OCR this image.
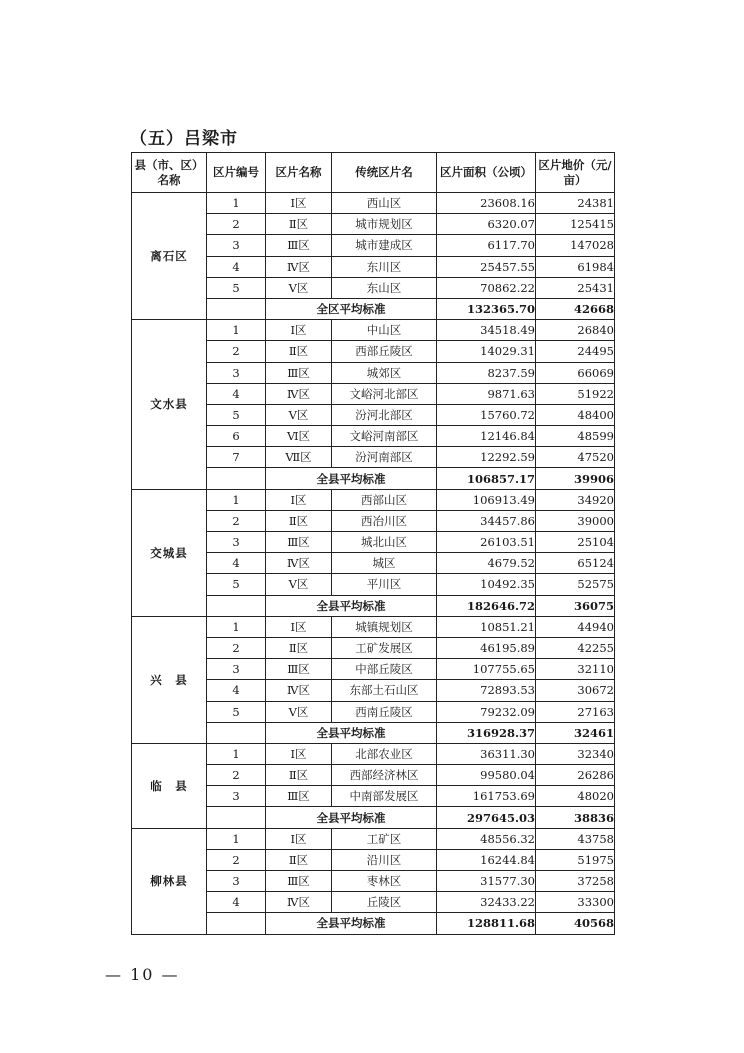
（五）吕梁市
县（市、区）名称	区片编号	区片名称	传统区片名	区片面积（公顷）	区片地价（元/亩）
离石区	1	Ⅰ区	西山区	23608.16	24381
	2	Ⅱ区	城市规划区	6320.07	125415
	3	Ⅲ区	城市建成区	6117.70	147028
	4	Ⅳ区	东川区	25457.55	61984
	5	Ⅴ区	东山区	70862.22	25431
		全区平均标准		132365.70	42668
文水县	1	Ⅰ区	中山区	34518.49	26840
	2	Ⅱ区	西部丘陵区	14029.31	24495
	3	Ⅲ区	城郊区	8237.59	66069
	4	Ⅳ区	文峪河北部区	9871.63	51922
	5	Ⅴ区	汾河北部区	15760.72	48400
	6	Ⅵ区	文峪河南部区	12146.84	48599
	7	Ⅶ区	汾河南部区	12292.59	47520
		全县平均标准		106857.17	39906
交城县	1	Ⅰ区	西部山区	106913.49	34920
	2	Ⅱ区	西冶川区	34457.86	39000
	3	Ⅲ区	城北山区	26103.51	25104
	4	Ⅳ区	城区	4679.52	65124
	5	Ⅴ区	平川区	10492.35	52575
		全县平均标准		182646.72	36075
兴　县	1	Ⅰ区	城镇规划区	10851.21	44940
	2	Ⅱ区	工矿发展区	46195.89	42255
	3	Ⅲ区	中部丘陵区	107755.65	32110
	4	Ⅳ区	东部土石山区	72893.53	30672
	5	Ⅴ区	西南丘陵区	79232.09	27163
		全县平均标准		316928.37	32461
临　县	1	Ⅰ区	北部农业区	36311.30	32340
	2	Ⅱ区	西部经济林区	99580.04	26286
	3	Ⅲ区	中南部发展区	161753.69	48020
		全县平均标准		297645.03	38836
柳林县	1	Ⅰ区	工矿区	48556.32	43758
	2	Ⅱ区	沿川区	16244.84	51975
	3	Ⅲ区	枣林区	31577.30	37258
	4	Ⅳ区	丘陵区	32433.22	33300
		全县平均标准		128811.68	40568
— 10 —
